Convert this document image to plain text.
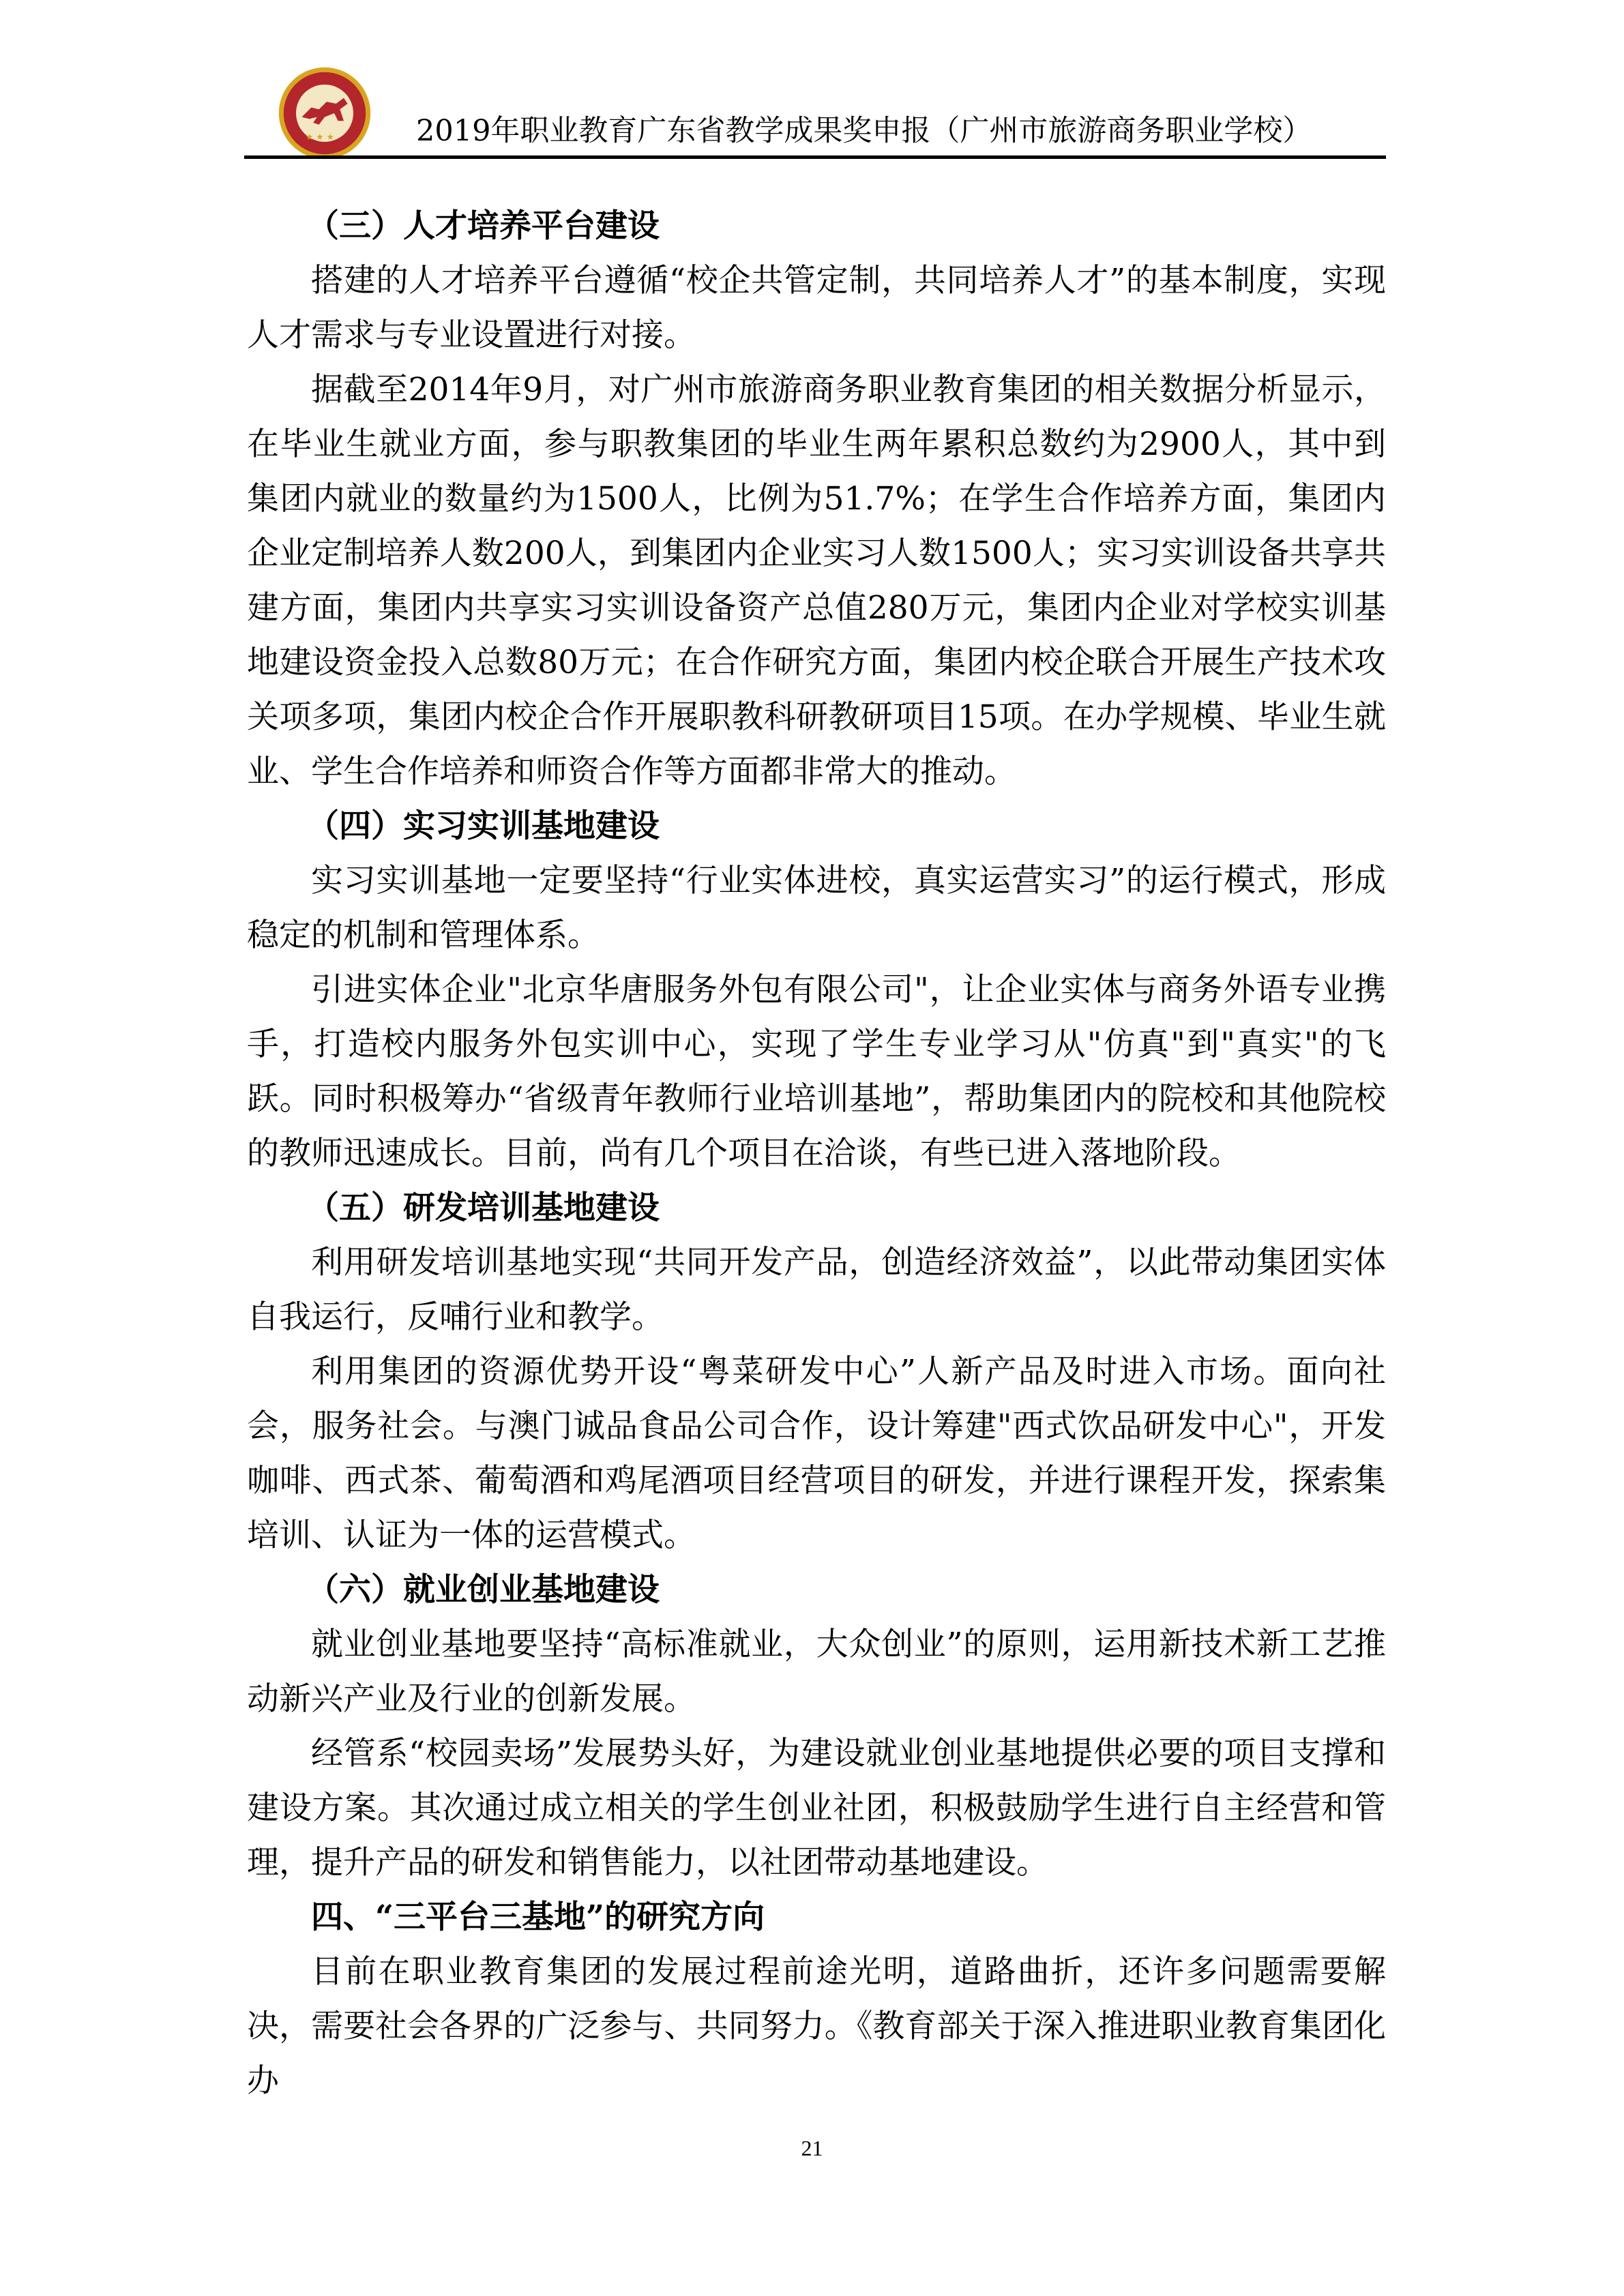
★ ★ ★	2019年职业教育广东省教学成果奖申报（广州市旅游商务职业学校）
（三）人才培养平台建设

搭建的人才培养平台遵循“校企共管定制，共同培养人才”的基本制度，实现人才需求与专业设置进行对接。

据截至2014年9月，对广州市旅游商务职业教育集团的相关数据分析显示，在毕业生就业方面，参与职教集团的毕业生两年累积总数约为2900人，其中到集团内就业的数量约为1500人，比例为51.7%；在学生合作培养方面，集团内企业定制培养人数200人，到集团内企业实习人数1500人；实习实训设备共享共建方面，集团内共享实习实训设备资产总值280万元，集团内企业对学校实训基地建设资金投入总数80万元；在合作研究方面，集团内校企联合开展生产技术攻关项多项，集团内校企合作开展职教科研教研项目15项。在办学规模、毕业生就业、学生合作培养和师资合作等方面都非常大的推动。

（四）实习实训基地建设

实习实训基地一定要坚持“行业实体进校，真实运营实习”的运行模式，形成稳定的机制和管理体系。

引进实体企业"北京华唐服务外包有限公司"，让企业实体与商务外语专业携手，打造校内服务外包实训中心，实现了学生专业学习从"仿真"到"真实"的飞跃。同时积极筹办“省级青年教师行业培训基地”，帮助集团内的院校和其他院校的教师迅速成长。目前，尚有几个项目在洽谈，有些已进入落地阶段。

（五）研发培训基地建设

利用研发培训基地实现“共同开发产品，创造经济效益”，以此带动集团实体自我运行，反哺行业和教学。

利用集团的资源优势开设“粤菜研发中心”人新产品及时进入市场。面向社会，服务社会。与澳门诚品食品公司合作，设计筹建"西式饮品研发中心"，开发咖啡、西式茶、葡萄酒和鸡尾酒项目经营项目的研发，并进行课程开发，探索集培训、认证为一体的运营模式。

（六）就业创业基地建设

就业创业基地要坚持“高标准就业，大众创业”的原则，运用新技术新工艺推动新兴产业及行业的创新发展。

经管系“校园卖场”发展势头好，为建设就业创业基地提供必要的项目支撑和建设方案。其次通过成立相关的学生创业社团，积极鼓励学生进行自主经营和管理，提升产品的研发和销售能力，以社团带动基地建设。

四、“三平台三基地”的研究方向

目前在职业教育集团的发展过程前途光明，道路曲折，还许多问题需要解决，需要社会各界的广泛参与、共同努力。《教育部关于深入推进职业教育集团化办

21
